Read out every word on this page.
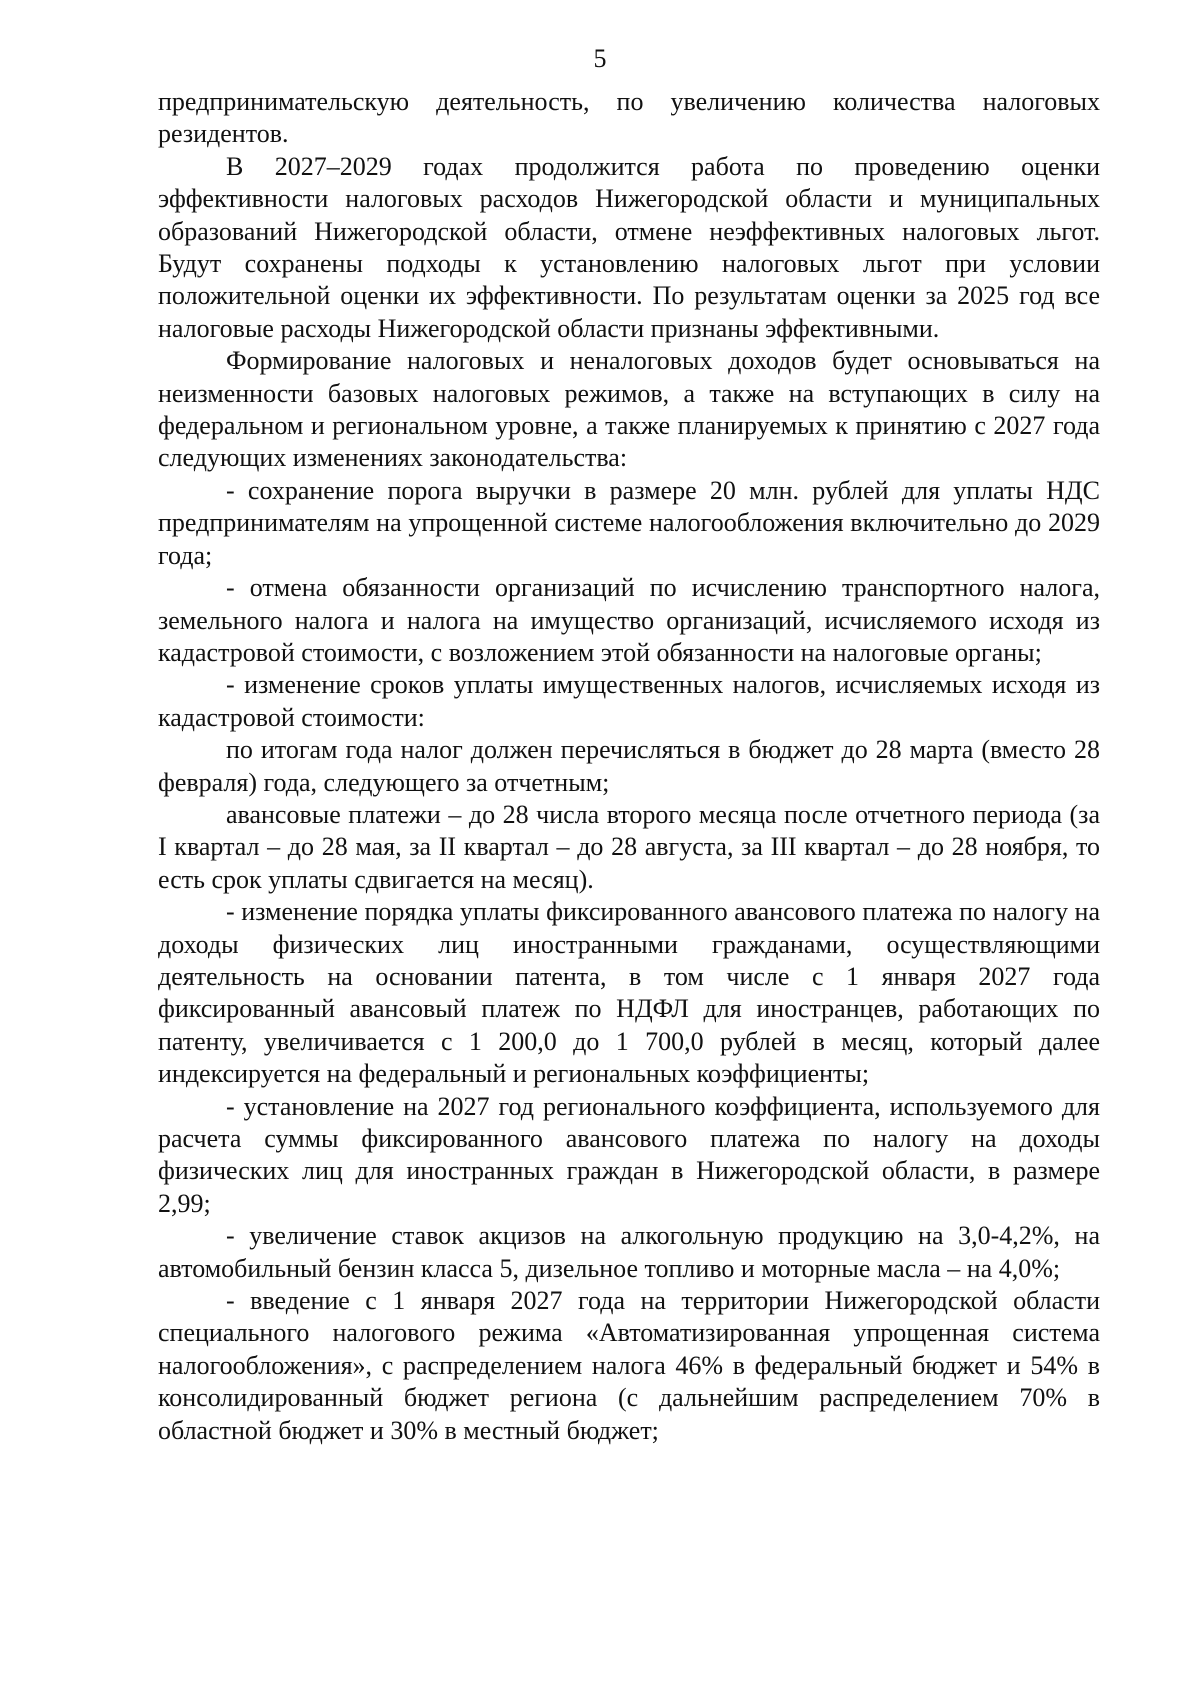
5

предпринимательскую деятельность, по увеличению количества налоговых резидентов.

В 2027–2029 годах продолжится работа по проведению оценки эффективности налоговых расходов Нижегородской области и муниципальных образований Нижегородской области, отмене неэффективных налоговых льгот. Будут сохранены подходы к установлению налоговых льгот при условии положительной оценки их эффективности. По результатам оценки за 2025 год все налоговые расходы Нижегородской области признаны эффективными.

Формирование налоговых и неналоговых доходов будет основываться на неизменности базовых налоговых режимов, а также на вступающих в силу на федеральном и региональном уровне, а также планируемых к принятию с 2027 года следующих изменениях законодательства:

- сохранение порога выручки в размере 20 млн. рублей для уплаты НДС предпринимателям на упрощенной системе налогообложения включительно до 2029 года;

- отмена обязанности организаций по исчислению транспортного налога, земельного налога и налога на имущество организаций, исчисляемого исходя из кадастровой стоимости, с возложением этой обязанности на налоговые органы;

- изменение сроков уплаты имущественных налогов, исчисляемых исходя из кадастровой стоимости:

по итогам года налог должен перечисляться в бюджет до 28 марта (вместо 28 февраля) года, следующего за отчетным;

авансовые платежи – до 28 числа второго месяца после отчетного периода (за I квартал – до 28 мая, за II квартал – до 28 августа, за III квартал – до 28 ноября, то есть срок уплаты сдвигается на месяц).

- изменение порядка уплаты фиксированного авансового платежа по налогу на доходы физических лиц иностранными гражданами, осуществляющими деятельность на основании патента, в том числе с 1 января 2027 года фиксированный авансовый платеж по НДФЛ для иностранцев, работающих по патенту, увеличивается с 1 200,0 до 1 700,0 рублей в месяц, который далее индексируется на федеральный и региональных коэффициенты;

- установление на 2027 год регионального коэффициента, используемого для расчета суммы фиксированного авансового платежа по налогу на доходы физических лиц для иностранных граждан в Нижегородской области, в размере 2,99;

- увеличение ставок акцизов на алкогольную продукцию на 3,0-4,2%, на автомобильный бензин класса 5, дизельное топливо и моторные масла – на 4,0%;

- введение с 1 января 2027 года на территории Нижегородской области специального налогового режима «Автоматизированная упрощенная система налогообложения», с распределением налога 46% в федеральный бюджет и 54% в консолидированный бюджет региона (с дальнейшим распределением 70% в областной бюджет и 30% в местный бюджет;
